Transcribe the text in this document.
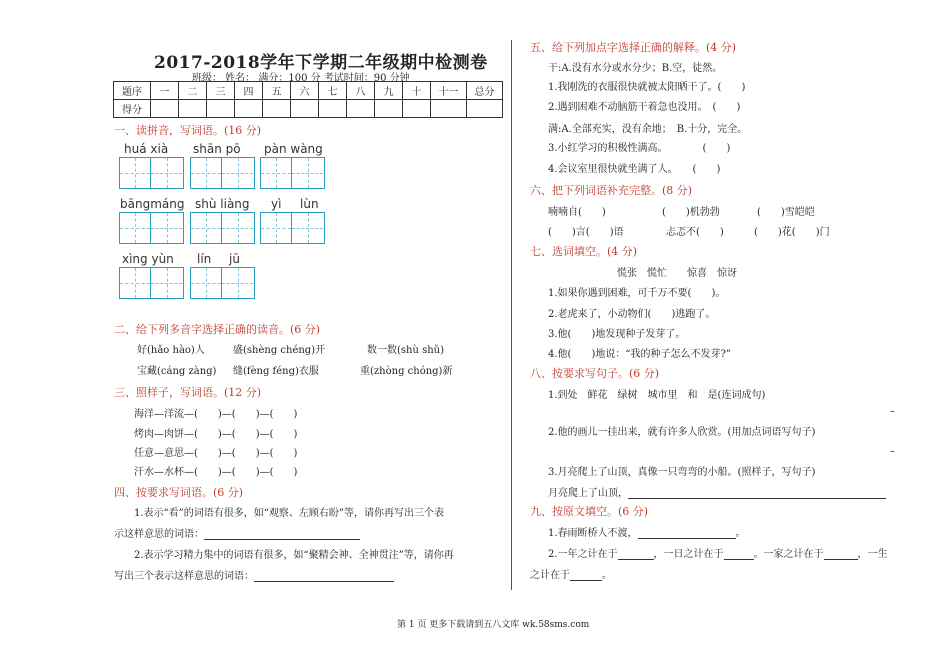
2017-2018学年下学期二年级期中检测卷
班级： 姓名： 满分：100 分 考试时间：90 分钟
题序	一	二	三	四	五	六	七	八	九	十	十一	总分
得分												
一、读拼音，写词语。(16 分)
huá xià shān pō pàn wàng
bāngmáng shù liàng yì lùn
xìng yùn lín jū
二、给下列多音字选择正确的读音。(6 分)
好(hǎo hào)人	盛(shèng chéng)开	数一数(shù shǔ)
宝藏(cáng zàng) 缝(fèng féng)衣服	重(zhòng chóng)新
三、照样子，写词语。(12 分)
海洋—洋流—(　　)—(　　)—(　　)
烤肉—肉饼—(　　)—(　　)—(　　)
任意—意思—(　　)—(　　)—(　　)
汗水—水杯—(　　)—(　　)—(　　)
四、按要求写词语。(6 分)
1.表示“看”的词语有很多，如“观察、左顾右盼”等，请你再写出三个表
示这样意思的词语：
2.表示学习精力集中的词语有很多，如“聚精会神、全神贯注”等，请你再
写出三个表示这样意思的词语：
五、给下列加点字选择正确的解释。(4 分)
干:A.没有水分或水分少；B.空，徒然。
1.我刚洗的衣服很快就被太阳晒干了。(　　)
2.遇到困难不动脑筋干着急也没用。　(　　)
满:A.全部充实，没有余地；　B.十分，完全。
3.小红学习的积极性满高。　　　　(　　)
4.会议室里很快就坐满了人。　　(　　)
六、把下列词语补充完整。(8 分)
喃喃自(　　)	(　　)机勃勃	(　　)雪皑皑
(　　)言(　　)语	忐忑不(　　)	(　　)花(　　)门
七、选词填空。(4 分)
慌张　慌忙　　惊喜　惊讶
1.如果你遇到困难，可千万不要(　　)。
2.老虎来了，小动物们(　　)逃跑了。
3.他(　　)地发现种子发芽了。
4.他(　　)地说：“我的种子怎么不发芽?”
八、按要求写句子。(6 分)
1.到处　鲜花　绿树　城市里　和　是(连词成句)
–
2.他的画儿一挂出来，就有许多人欣赏。(用加点词语写句子)
–
3.月亮爬上了山顶，真像一只弯弯的小船。(照样子，写句子)
月亮爬上了山顶，
九、按原文填空。(6 分)
1.春雨断桥人不渡，	。
2.一年之计在于	，一日之计在于	。一家之计在于	，一生
之计在于	。
第 1 页 更多下载请到五八文库 wk.58sms.com
